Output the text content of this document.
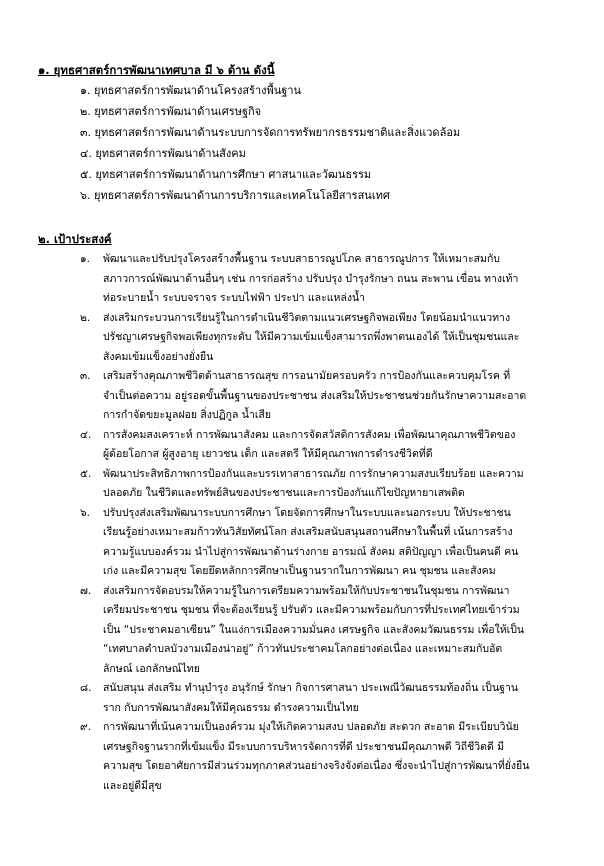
๑. ยุทธศาสตร์การพัฒนาเทศบาล มี ๖ ด้าน ดังนี้
๑. ยุทธศาสตร์การพัฒนาด้านโครงสร้างพื้นฐาน
๒. ยุทธศาสตร์การพัฒนาด้านเศรษฐกิจ
๓. ยุทธศาสตร์การพัฒนาด้านระบบการจัดการทรัพยากรธรรมชาติและสิ่งแวดล้อม
๔. ยุทธศาสตร์การพัฒนาด้านสังคม
๕. ยุทธศาสตร์การพัฒนาด้านการศึกษา ศาสนาและวัฒนธรรม
๖. ยุทธศาสตร์การพัฒนาด้านการบริการและเทคโนโลยีสารสนเทศ
๒. เป้าประสงค์
๑. พัฒนาและปรับปรุงโครงสร้างพื้นฐาน ระบบสาธารณูปโภค สาธารณูปการ ให้เหมาะสมกับ
สภาวการณ์พัฒนาด้านอื่นๆ เช่น การก่อสร้าง ปรับปรุง บำรุงรักษา ถนน สะพาน เขื่อน ทางเท้า
ท่อระบายน้ำ ระบบจราจร ระบบไฟฟ้า ประปา และแหล่งน้ำ
๒. ส่งเสริมกระบวนการเรียนรู้ในการดำเนินชีวิตตามแนวเศรษฐกิจพอเพียง โดยน้อมนำแนวทาง
ปรัชญาเศรษฐกิจพอเพียงทุกระดับ ให้มีความเข้มแข็งสามารถพึ่งพาตนเองได้ ให้เป็นชุมชนและ
สังคมเข้มแข็งอย่างยั่งยืน
๓. เสริมสร้างคุณภาพชีวิตด้านสาธารณสุข การอนามัยครอบครัว การป้องกันและควบคุมโรค ที่
จำเป็นต่อความ อยู่รอดขั้นพื้นฐานของประชาชน ส่งเสริมให้ประชาชนช่วยกันรักษาความสะอาด
การกำจัดขยะมูลฝอย สิ่งปฏิกูล น้ำเสีย
๔. การสังคมสงเคราะห์ การพัฒนาสังคม และการจัดสวัสดิการสังคม เพื่อพัฒนาคุณภาพชีวิตของ
ผู้ด้อยโอกาส ผู้สูงอายุ เยาวชน เด็ก และสตรี ให้มีคุณภาพการดำรงชีวิตที่ดี
๕. พัฒนาประสิทธิภาพการป้องกันและบรรเทาสาธารณภัย การรักษาความสงบเรียบร้อย และความ
ปลอดภัย ในชีวิตและทรัพย์สินของประชาชนและการป้องกันแก้ไขปัญหายาเสพติด
๖. ปรับปรุงส่งเสริมพัฒนาระบบการศึกษา โดยจัดการศึกษาในระบบและนอกระบบ ให้ประชาชน
เรียนรู้อย่างเหมาะสมก้าวทันวิสัยทัศน์โลก ส่งเสริมสนับสนุนสถานศึกษาในพื้นที่ เน้นการสร้าง
ความรู้แบบองค์รวม นำไปสู่การพัฒนาด้านร่างกาย อารมณ์ สังคม สติปัญญา เพื่อเป็นคนดี คน
เก่ง และมีความสุข โดยยึดหลักการศึกษาเป็นฐานรากในการพัฒนา คน ชุมชน และสังคม
๗. ส่งเสริมการจัดอบรมให้ความรู้ในการเตรียมความพร้อมให้กับประชาชนในชุมชน การพัฒนา
เตรียมประชาชน ชุมชน ที่จะต้องเรียนรู้ ปรับตัว และมีความพร้อมกับการที่ประเทศไทยเข้าร่วม
เป็น “ประชาคมอาเซียน” ในแง่การเมืองความมั่นคง เศรษฐกิจ และสังคมวัฒนธรรม เพื่อให้เป็น
“เทศบาลตำบลบัวงามเมืองน่าอยู่” ก้าวทันประชาคมโลกอย่างต่อเนื่อง และเหมาะสมกับอัต
ลักษณ์ เอกลักษณ์ไทย
๘. สนับสนุน ส่งเสริม ทำนุบำรุง อนุรักษ์ รักษา กิจการศาสนา ประเพณีวัฒนธรรมท้องถิ่น เป็นฐาน
ราก กับการพัฒนาสังคมให้มีคุณธรรม ดำรงความเป็นไทย
๙. การพัฒนาที่เน้นความเป็นองค์รวม มุ่งให้เกิดความสงบ ปลอดภัย สะดวก สะอาด มีระเบียบวินัย
เศรษฐกิจฐานรากที่เข้มแข็ง มีระบบการบริหารจัดการที่ดี ประชาชนมีคุณภาพดี วิถีชีวิตดี มี
ความสุข โดยอาศัยการมีส่วนร่วมทุกภาคส่วนอย่างจริงจังต่อเนื่อง ซึ่งจะนำไปสู่การพัฒนาที่ยั่งยืน
และอยู่ดีมีสุข
